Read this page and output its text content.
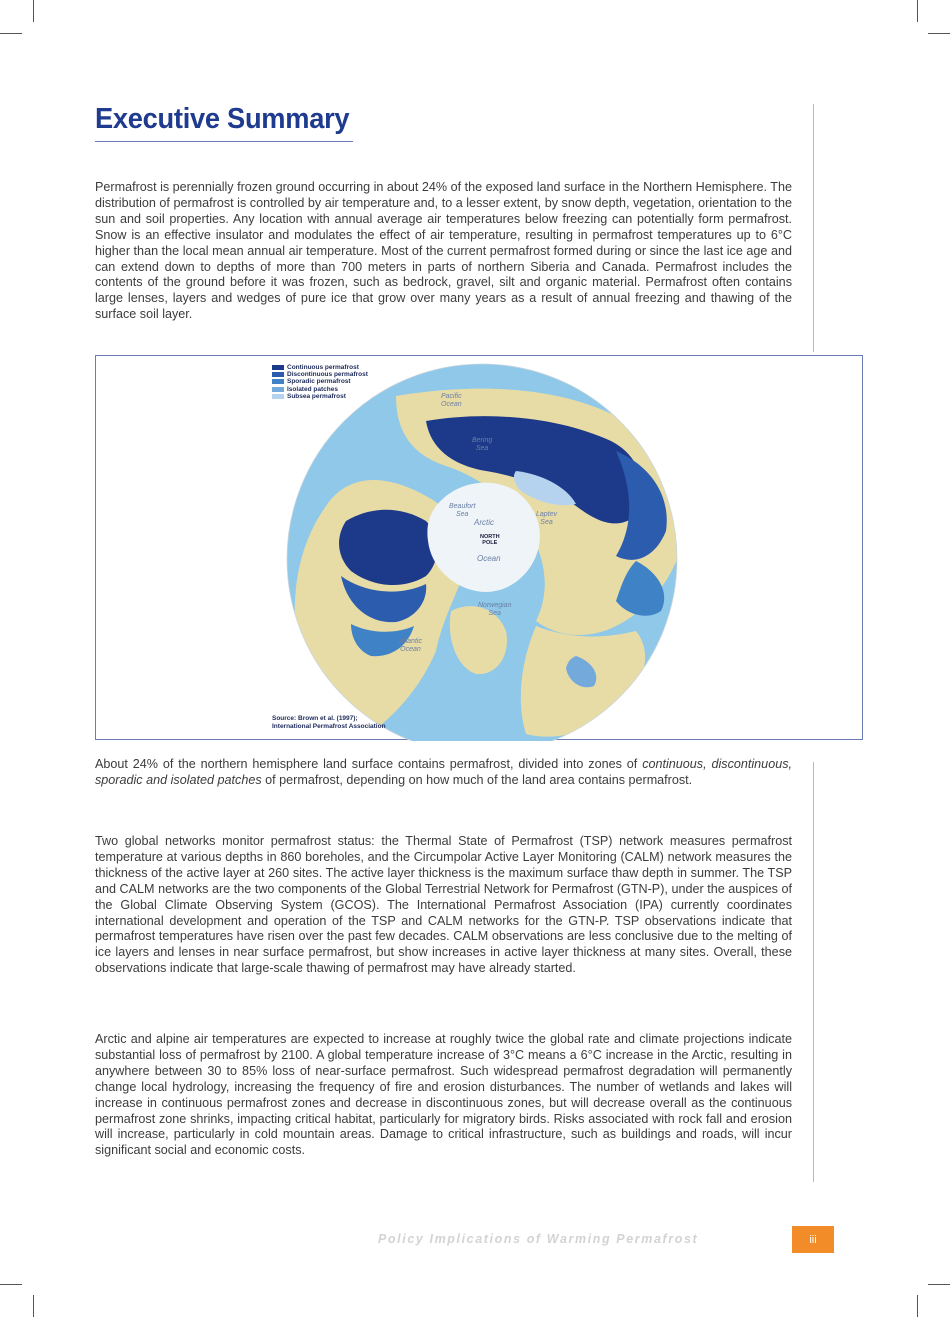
Executive Summary

Permafrost is perennially frozen ground occurring in about 24% of the exposed land surface in the Northern Hemisphere. The distribution of permafrost is controlled by air temperature and, to a lesser extent, by snow depth, vegetation, orientation to the sun and soil properties. Any location with annual average air temperatures below freezing can potentially form permafrost. Snow is an effective insulator and modulates the effect of air temperature, resulting in permafrost temperatures up to 6°C higher than the local mean annual air temperature. Most of the current permafrost formed during or since the last ice age and can extend down to depths of more than 700 meters in parts of northern Siberia and Canada. Permafrost includes the contents of the ground before it was frozen, such as bedrock, gravel, silt and organic material. Permafrost often contains large lenses, layers and wedges of pure ice that grow over many years as a result of annual freezing and thawing of the surface soil layer.

Continuous permafrost
Discontinuous permafrost
Sporadic permafrost
Isolated patches
Subsea permafrost	Pacific
Ocean
Bering
Sea
Beaufort
Sea
Arctic
NORTH
POLE
Ocean
Laptev
Sea
Norwegian
Sea
Atlantic
Ocean
Source: Brown et al. (1997);
International Permafrost Association

About 24% of the northern hemisphere land surface contains permafrost, divided into zones of continuous, discontinuous, sporadic and isolated patches of permafrost, depending on how much of the land area contains permafrost.

Two global networks monitor permafrost status: the Thermal State of Permafrost (TSP) network measures permafrost temperature at various depths in 860 boreholes, and the Circumpolar Active Layer Monitoring (CALM) network measures the thickness of the active layer at 260 sites. The active layer thickness is the maximum surface thaw depth in summer. The TSP and CALM networks are the two components of the Global Terrestrial Network for Permafrost (GTN-P), under the auspices of the Global Climate Observing System (GCOS). The International Permafrost Association (IPA) currently coordinates international development and operation of the TSP and CALM networks for the GTN-P. TSP observations indicate that permafrost temperatures have risen over the past few decades. CALM observations are less conclusive due to the melting of ice layers and lenses in near surface permafrost, but show increases in active layer thickness at many sites. Overall, these observations indicate that large-scale thawing of permafrost may have already started.

Arctic and alpine air temperatures are expected to increase at roughly twice the global rate and climate projections indicate substantial loss of permafrost by 2100. A global temperature increase of 3°C means a 6°C increase in the Arctic, resulting in anywhere between 30 to 85% loss of near-surface permafrost. Such widespread permafrost degradation will permanently change local hydrology, increasing the frequency of fire and erosion disturbances. The number of wetlands and lakes will increase in continuous permafrost zones and decrease in discontinuous zones, but will decrease overall as the continuous permafrost zone shrinks, impacting critical habitat, particularly for migratory birds. Risks associated with rock fall and erosion will increase, particularly in cold mountain areas. Damage to critical infrastructure, such as buildings and roads, will incur significant social and economic costs.

Policy Implications of Warming Permafrost	iii
